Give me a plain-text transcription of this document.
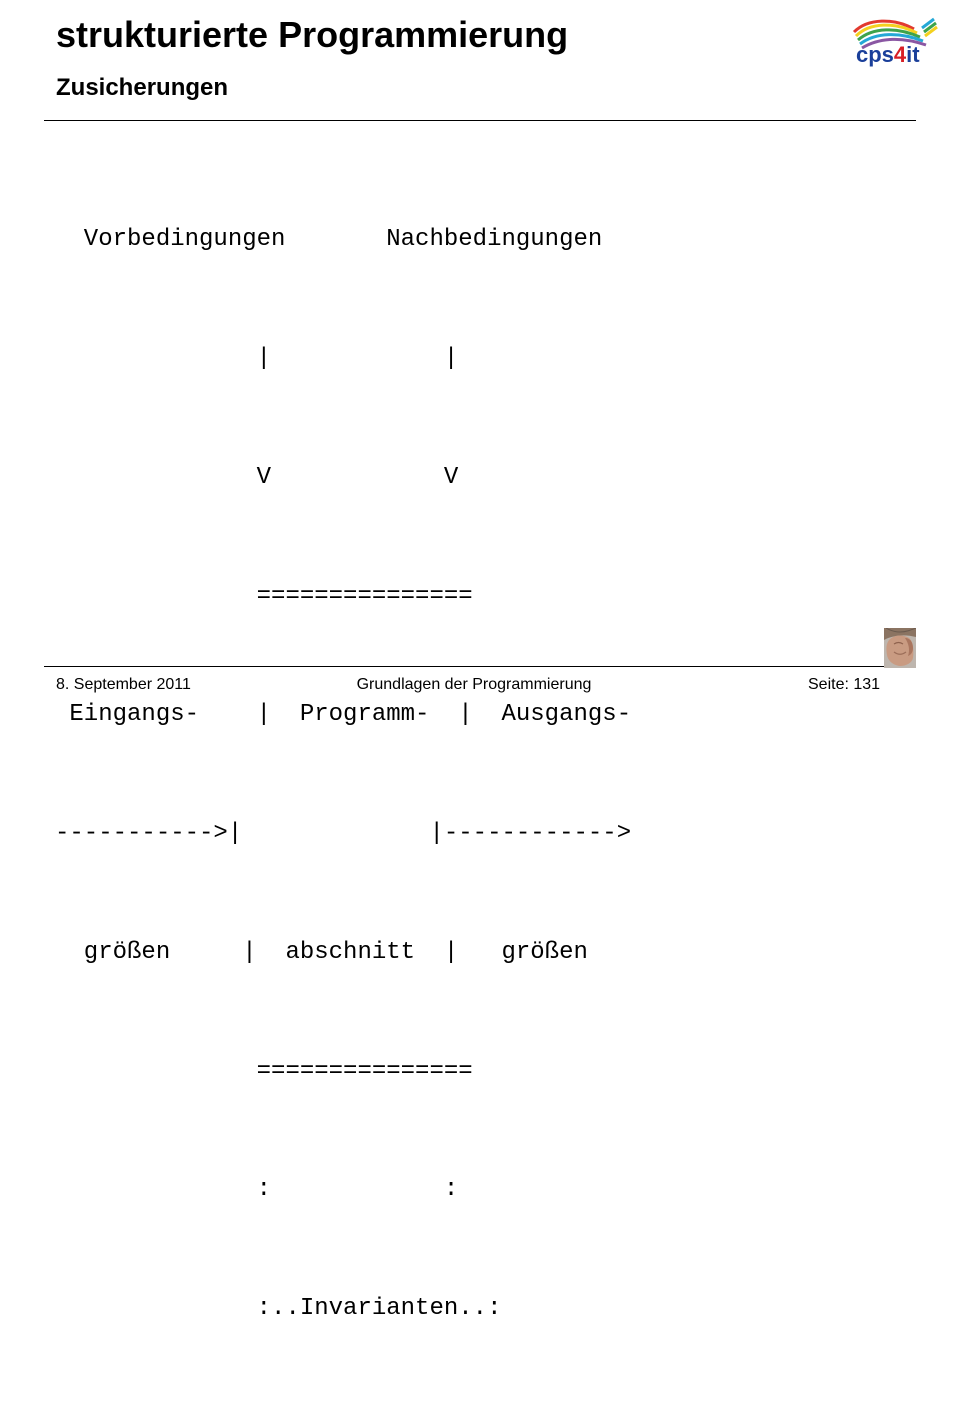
strukturierte Programmierung
Zusicherungen
cps4it

Vorbedingungen       Nachbedingungen

|            |

V            V

===============

Eingangs-    |  Programm-  |  Ausgangs-

----------->|             |------------>

größen     |  abschnitt  |   größen

===============

:            :

:..Invarianten..:

8. September 2011	Grundlagen der Programmierung	Seite: 131
